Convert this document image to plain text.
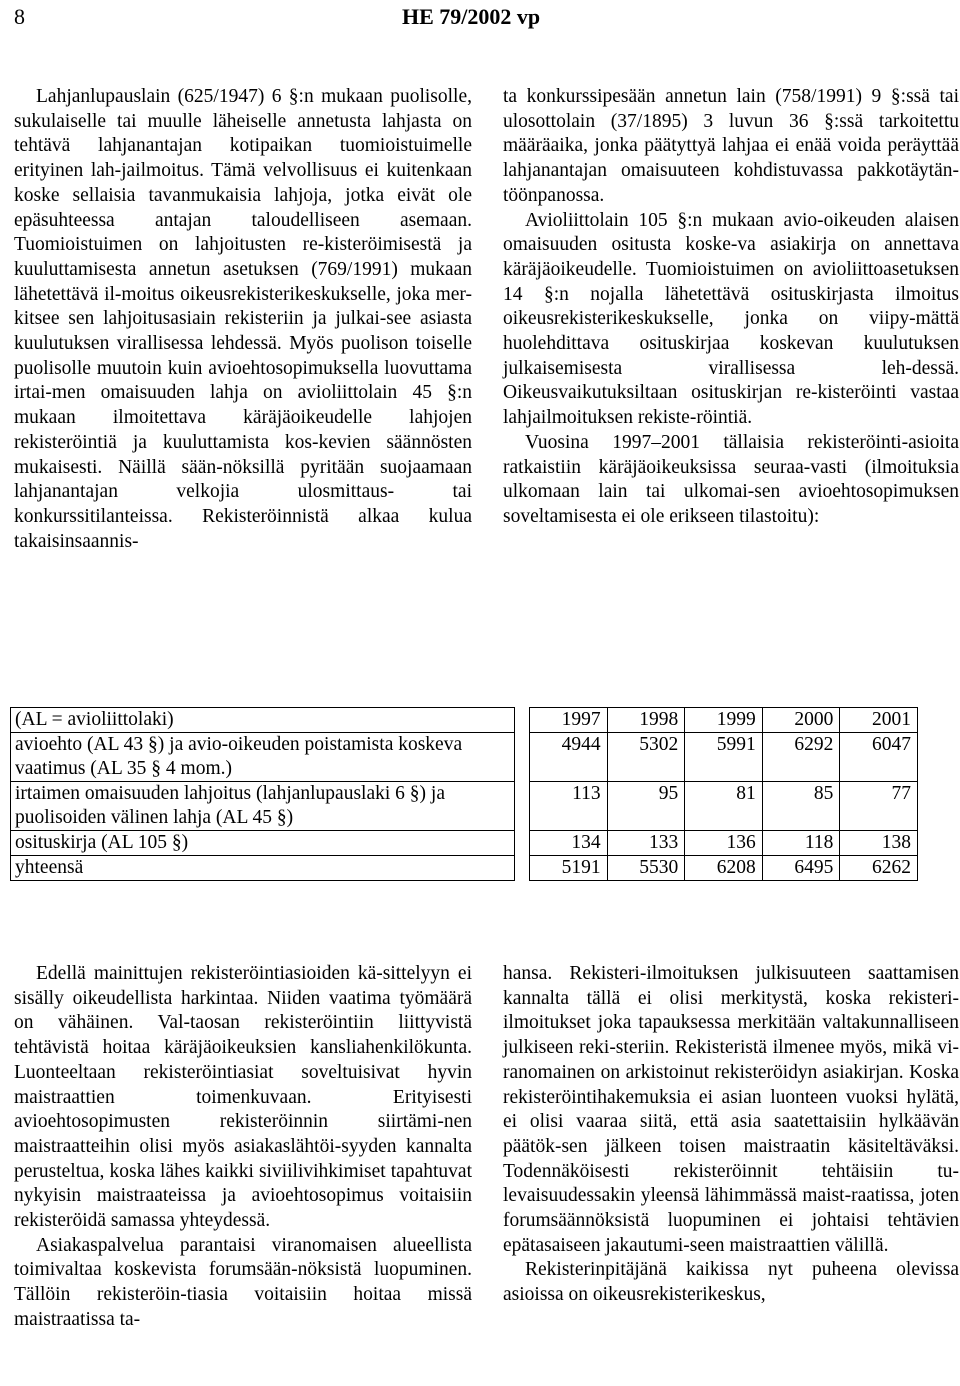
8	HE 79/2002 vp

Lahjanlupauslain (625/1947) 6 §:n mukaan puolisolle, sukulaiselle tai muulle läheiselle annetusta lahjasta on tehtävä lahjanantajan kotipaikan tuomioistuimelle erityinen lah-jailmoitus. Tämä velvollisuus ei kuitenkaan koske sellaisia tavanmukaisia lahjoja, jotka eivät ole epäsuhteessa antajan taloudelliseen asemaan. Tuomioistuimen on lahjoitusten re-kisteröimisestä ja kuuluttamisesta annetun asetuksen (769/1991) mukaan lähetettävä il-moitus oikeusrekisterikeskukselle, joka mer-kitsee sen lahjoitusasiain rekisteriin ja julkai-see asiasta kuulutuksen virallisessa lehdessä. Myös puolison toiselle puolisolle muutoin kuin avioehtosopimuksella luovuttama irtai-men omaisuuden lahja on avioliittolain 45 §:n mukaan ilmoitettava käräjäoikeudelle lahjojen rekisteröintiä ja kuuluttamista kos-kevien säännösten mukaisesti. Näillä sään-nöksillä pyritään suojaamaan lahjanantajan velkojia ulosmittaus- tai konkurssitilanteissa. Rekisteröinnistä alkaa kulua takaisinsaannis-

ta konkurssipesään annetun lain (758/1991) 9 §:ssä tai ulosottolain (37/1895) 3 luvun 36 §:ssä tarkoitettu määräaika, jonka päätyttyä lahjaa ei enää voida peräyttää lahjanantajan omaisuuteen kohdistuvassa pakkotäytän-töönpanossa.

Avioliittolain 105 §:n mukaan avio-oikeuden alaisen omaisuuden ositusta koske-va asiakirja on annettava käräjäoikeudelle. Tuomioistuimen on avioliittoasetuksen 14 §:n nojalla lähetettävä osituskirjasta ilmoitus oikeusrekisterikeskukselle, jonka on viipy-mättä huolehdittava osituskirjaa koskevan kuulutuksen julkaisemisesta virallisessa leh-dessä. Oikeusvaikutuksiltaan osituskirjan re-kisteröinti vastaa lahjailmoituksen rekiste-röintiä.

Vuosina 1997–2001 tällaisia rekisteröinti-asioita ratkaistiin käräjäoikeuksissa seuraa-vasti (ilmoituksia ulkomaan lain tai ulkomai-sen avioehtosopimuksen soveltamisesta ei ole erikseen tilastoitu):

(AL = avioliittolaki)		1997	1998	1999	2000	2001
avioehto (AL 43 §) ja avio-oikeuden poistamista koskeva vaatimus (AL 35 § 4 mom.)		4944	5302	5991	6292	6047
irtaimen omaisuuden lahjoitus (lahjanlupauslaki 6 §) ja puolisoiden välinen lahja (AL 45 §)		113	95	81	85	77
osituskirja (AL 105 §)		134	133	136	118	138
yhteensä		5191	5530	6208	6495	6262

Edellä mainittujen rekisteröintiasioiden kä-sittelyyn ei sisälly oikeudellista harkintaa. Niiden vaatima työmäärä on vähäinen. Val-taosan rekisteröintiin liittyvistä tehtävistä hoitaa käräjäoikeuksien kansliahenkilökunta. Luonteeltaan rekisteröintiasiat soveltuisivat hyvin maistraattien toimenkuvaan. Erityisesti avioehtosopimusten rekisteröinnin siirtämi-nen maistraatteihin olisi myös asiakaslähtöi-syyden kannalta perusteltua, koska lähes kaikki siviilivihkimiset tapahtuvat nykyisin maistraateissa ja avioehtosopimus voitaisiin rekisteröidä samassa yhteydessä.

Asiakaspalvelua parantaisi viranomaisen alueellista toimivaltaa koskevista forumsään-nöksistä luopuminen. Tällöin rekisteröin-tiasia voitaisiin hoitaa missä maistraatissa ta-

hansa. Rekisteri-ilmoituksen julkisuuteen saattamisen kannalta tällä ei olisi merkitystä, koska rekisteri-ilmoitukset joka tapauksessa merkitään valtakunnalliseen julkiseen reki-steriin. Rekisteristä ilmenee myös, mikä vi-ranomainen on arkistoinut rekisteröidyn asiakirjan. Koska rekisteröintihakemuksia ei asian luonteen vuoksi hylätä, ei olisi vaaraa siitä, että asia saatettaisiin hylkäävän päätök-sen jälkeen toisen maistraatin käsiteltäväksi. Todennäköisesti rekisteröinnit tehtäisiin tu-levaisuudessakin yleensä lähimmässä maist-raatissa, joten forumsäännöksistä luopuminen ei johtaisi tehtävien epätasaiseen jakautumi-seen maistraattien välillä.

Rekisterinpitäjänä kaikissa nyt puheena olevissa asioissa on oikeusrekisterikeskus,
